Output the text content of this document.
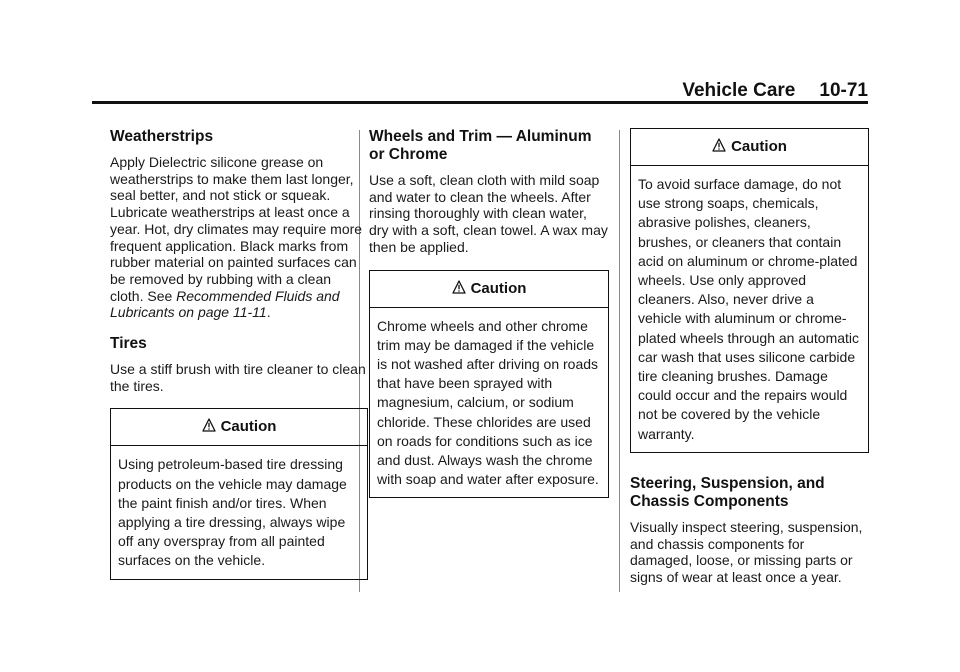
Vehicle Care 10-71
Weatherstrips

Apply Dielectric silicone grease on weatherstrips to make them last longer, seal better, and not stick or squeak. Lubricate weatherstrips at least once a year. Hot, dry climates may require more frequent application. Black marks from rubber material on painted surfaces can be removed by rubbing with a clean cloth. See Recommended Fluids and Lubricants on page 11-11.

Tires

Use a stiff brush with tire cleaner to clean the tires.

Caution
Using petroleum-based tire dressing products on the vehicle may damage the paint finish and/or tires. When applying a tire dressing, always wipe off any overspray from all painted surfaces on the vehicle.
Wheels and Trim — Aluminum or Chrome

Use a soft, clean cloth with mild soap and water to clean the wheels. After rinsing thoroughly with clean water, dry with a soft, clean towel. A wax may then be applied.

Caution
Chrome wheels and other chrome trim may be damaged if the vehicle is not washed after driving on roads that have been sprayed with magnesium, calcium, or sodium chloride. These chlorides are used on roads for conditions such as ice and dust. Always wash the chrome with soap and water after exposure.
Caution
To avoid surface damage, do not use strong soaps, chemicals, abrasive polishes, cleaners, brushes, or cleaners that contain acid on aluminum or chrome-plated wheels. Use only approved cleaners. Also, never drive a vehicle with aluminum or chrome-plated wheels through an automatic car wash that uses silicone carbide tire cleaning brushes. Damage could occur and the repairs would not be covered by the vehicle warranty.
Steering, Suspension, and Chassis Components

Visually inspect steering, suspension, and chassis components for damaged, loose, or missing parts or signs of wear at least once a year.
